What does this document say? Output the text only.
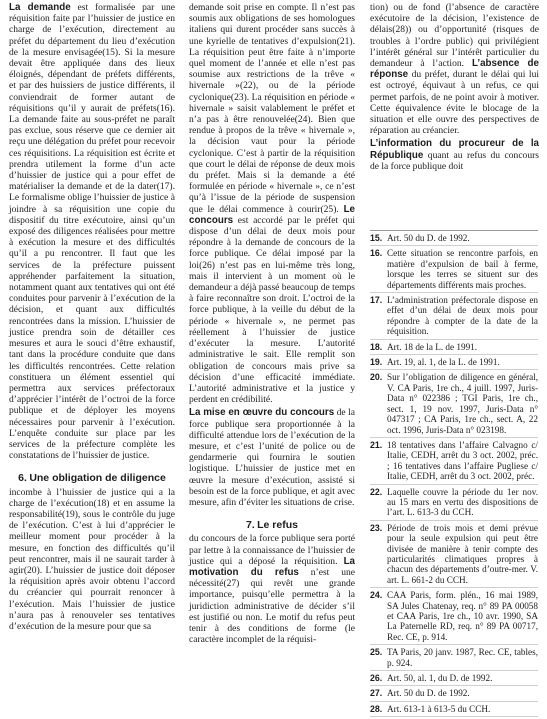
La demande est formalisée par une réquisition faite par l’huissier de justice en charge de l’exécution, directement au préfet du département du lieu d’exécution de la mesure envisagée(15). Si la mesure devait être appliquée dans des lieux éloignés, dépendant de préfets différents, et par des huissiers de justice différents, il conviendrait de former autant de réquisitions qu’il y aurait de préfets(16). La demande faite au sous-préfet ne paraît pas exclue, sous réserve que ce dernier ait reçu une délégation du préfet pour recevoir ces réquisitions. La réquisition est écrite et prendra utilement la forme d’un acte d’huissier de justice qui a pour effet de matérialiser la demande et de la dater(17). Le formalisme oblige l’huissier de justice à joindre à sa réquisition une copie du dispositif du titre exécutoire, ainsi qu’un exposé des diligences réalisées pour mettre à exécution la mesure et des difficultés qu’il a pu rencontrer. Il faut que les services de la préfecture puissent appréhender parfaitement la situation, notamment quant aux tentatives qui ont été conduites pour parvenir à l’exécution de la décision, et quant aux difficultés rencontrées dans la mission. L’huissier de justice prendra soin de détailler ces mesures et aura le souci d’être exhaustif, tant dans la procédure conduite que dans les difficultés rencontrées. Cette relation constituera un élément essentiel qui permettra aux services préfectoraux d’apprécier l’intérêt de l’octroi de la force publique et de déployer les moyens nécessaires pour parvenir à l’exécution. L’enquête conduite sur place par les services de la préfecture complète les constatations de l’huissier de justice.

6. Une obligation de diligence

incombe à l’huissier de justice qui a la charge de l’exécution(18) et en assume la responsabilité(19), sous le contrôle du juge de l’exécution. C’est à lui d’apprécier le meilleur moment pour procéder à la mesure, en fonction des difficultés qu’il peut rencontrer, mais il ne saurait tarder à agir(20). L’huissier de justice doit déposer la réquisition après avoir obtenu l’accord du créancier qui pourrait renoncer à l’exécution. Mais l’huissier de justice n’aura pas à renouveler ses tentatives d’exécution de la mesure pour que sa

demande soit prise en compte. Il n’est pas soumis aux obligations de ses homologues italiens qui durent procéder sans succès à une kyrielle de tentatives d’expulsion(21). La réquisition peut être faite à n’importe quel moment de l’année et elle n’est pas soumise aux restrictions de la trêve « hivernale »(22), ou de la période cyclonique(23). La réquisition en période « hivernale » saisit valablement le préfet et n’a pas à être renouvelée(24). Bien que rendue à propos de la trêve « hivernale », la décision vaut pour la période cyclonique. C’est à partir de la réquisition que court le délai de réponse de deux mois du préfet. Mais si la demande a été formulée en période « hivernale », ce n’est qu’à l’issue de la période de suspension que le délai commence à courir(25). Le concours est accordé par le préfet qui dispose d’un délai de deux mois pour répondre à la demande de concours de la force publique. Ce délai imposé par la loi(26) n’est pas en lui-même très long, mais il intervient à un moment où le demandeur a déjà passé beaucoup de temps à faire reconnaître son droit. L’octroi de la force publique, à la veille du début de la période « hivernale », ne permet pas réellement à l’huissier de justice d’exécuter la mesure. L’autorité administrative le sait. Elle remplit son obligation de concours mais prive sa décision d’une efficacité immédiate. L’autorité administrative et la justice y perdent en crédibilité.

La mise en œuvre du concours de la force publique sera proportionnée à la difficulté attendue lors de l’exécution de la mesure, et c’est l’unité de police ou de gendarmerie qui fournira le soutien logistique. L’huissier de justice met en œuvre la mesure d’exécution, assisté si besoin est de la force publique, et agit avec mesure, afin d’éviter les situations de crise.

7. Le refus

du concours de la force publique sera porté par lettre à la connaissance de l’huissier de justice qui a déposé la réquisition. La motivation du refus n’est une nécessité(27) qui revêt une grande importance, puisqu’elle permettra à la juridiction administrative de décider s’il est justifié ou non. Le motif du refus peut tenir à des conditions de forme (le caractère incomplet de la réquisi-

tion) ou de fond (l’absence de caractère exécutoire de la décision, l’existence de délais(28)) ou d’opportunité (risques de troubles à l’ordre public) qui privilégient l’intérêt général sur l’intérêt particulier du demandeur à l’action. L’absence de réponse du préfet, durant le délai qui lui est octroyé, équivaut à un refus, ce qui permet parfois, de ne point avoir à motiver. Cette équivalence évite le blocage de la situation et elle ouvre des perspectives de réparation au créancier.

L’information du procureur de la République quant au refus du concours de la force publique doit

15. Art. 50 du D. de 1992.
16. Cette situation se rencontre parfois, en matière d’expulsion de bail à ferme, lorsque les terres se situent sur des départements différents mais proches.
17. L’administration préfectorale dispose en effet d’un délai de deux mois pour répondre à compter de la date de la réquisition.
18. Art. 18 de la L. de 1991.
19. Art. 19, al. 1, de la L. de 1991.
20. Sur l’obligation de diligence en général, V. CA Paris, 1re ch., 4 juill. 1997, Juris-Data n° 022386 ; TGI Paris, 1re ch., sect. 1, 19 nov. 1997, Juris-Data n° 047317 ; CA Paris, 1re ch., sect. A, 22 oct. 1996, Juris-Data n° 023198.
21. 18 tentatives dans l’affaire Calvagno c/ Italie, CEDH, arrêt du 3 oct. 2002, préc. ; 16 tentatives dans l’affaire Pugliese c/ Italie, CEDH, arrêt du 3 oct. 2002, préc.
22. Laquelle couvre la période du 1er nov. au 15 mars en vertu des dispositions de l’art. L. 613-3 du CCH.
23. Période de trois mois et demi prévue pour la seule expulsion qui peut être divisée de manière à tenir compte des particularités climatiques propres à chacun des départements d’outre-mer. V. art. L. 661-2 du CCH.
24. CAA Paris, form. plén., 16 mai 1989, SA Jules Chatenay, req. n° 89 PA 00058 et CAA Paris, 1re ch., 10 avr. 1990, SA La Paternelle RD, req. n° 89 PA 00717, Rec. CE, p. 914.
25. TA Paris, 20 janv. 1987, Rec. CE, tables, p. 924.
26. Art. 50, al. 1, du D. de 1992.
27. Art. 50 du D. de 1992.
28. Art. 613-1 à 613-5 du CCH.
